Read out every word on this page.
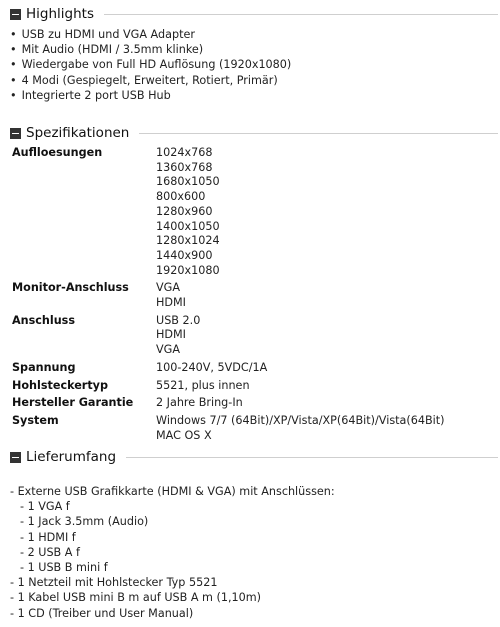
Highlights
• USB zu HDMI und VGA Adapter
• Mit Audio (HDMI / 3.5mm klinke)
• Wiedergabe von Full HD Auflösung (1920x1080)
• 4 Modi (Gespiegelt, Erweitert, Rotiert, Primär)
• Integrierte 2 port USB Hub
Spezifikationen
Auflloesungen	1024x768
	1360x768
	1680x1050
	800x600
	1280x960
	1400x1050
	1280x1024
	1440x900
	1920x1080
Monitor-Anschluss	VGA
	HDMI
Anschluss	USB 2.0
	HDMI
	VGA
Spannung	100-240V, 5VDC/1A
Hohlsteckertyp	5521, plus innen
Hersteller Garantie	2 Jahre Bring-In
System	Windows 7/7 (64Bit)/XP/Vista/XP(64Bit)/Vista(64Bit)
	MAC OS X
Lieferumfang
- Externe USB Grafikkarte (HDMI & VGA) mit Anschlüssen:
- 1 VGA f
- 1 Jack 3.5mm (Audio)
- 1 HDMI f
- 2 USB A f
- 1 USB B mini f
- 1 Netzteil mit Hohlstecker Typ 5521
- 1 Kabel USB mini B m auf USB A m (1,10m)
- 1 CD (Treiber und User Manual)
